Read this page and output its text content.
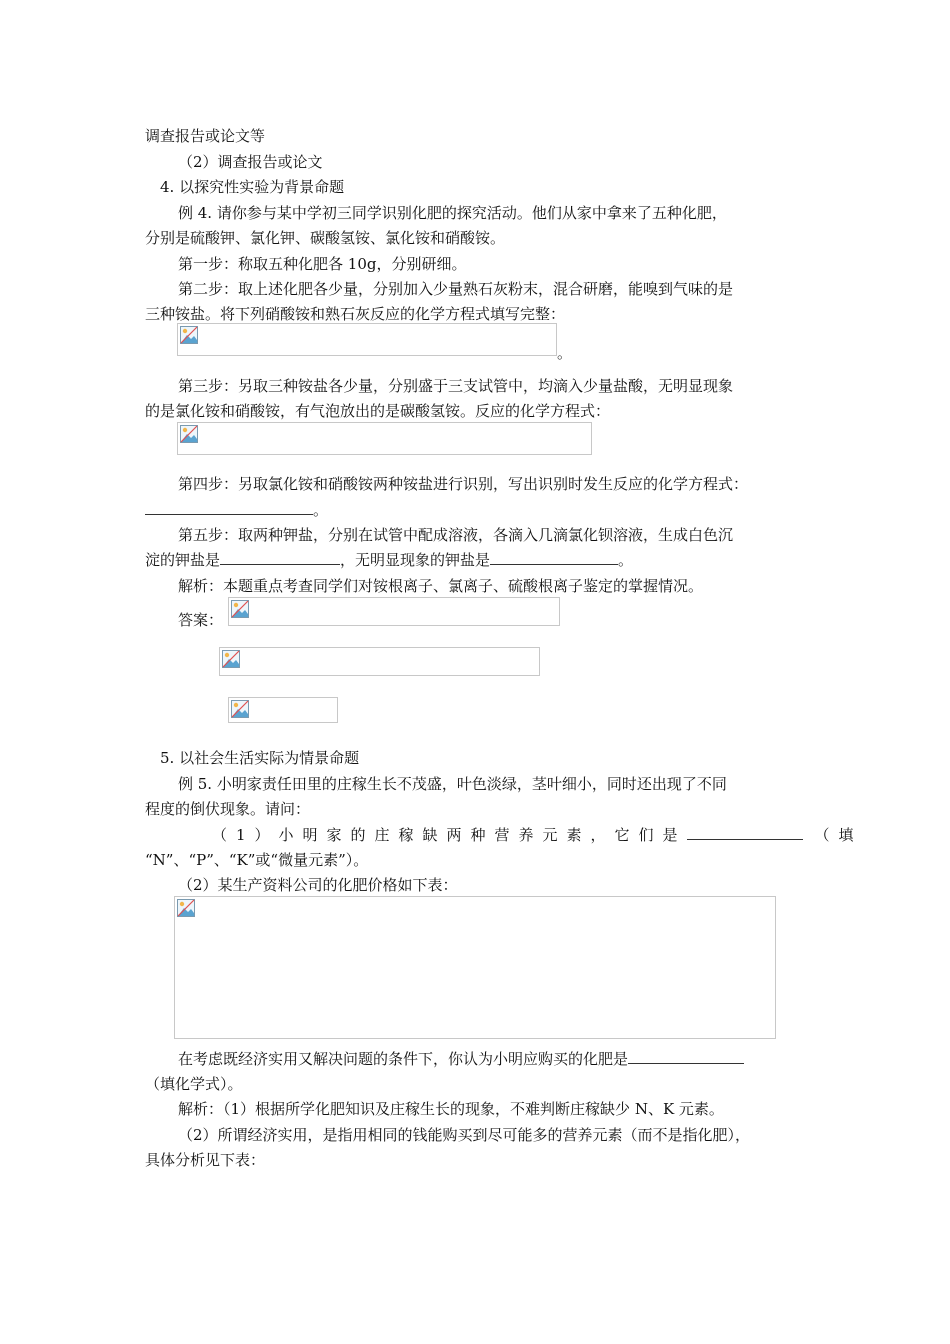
调查报告或论文等
（2）调查报告或论文
4. 以探究性实验为背景命题
例 4. 请你参与某中学初三同学识别化肥的探究活动。他们从家中拿来了五种化肥，
分别是硫酸钾、氯化钾、碳酸氢铵、氯化铵和硝酸铵。
第一步：称取五种化肥各 10g，分别研细。
第二步：取上述化肥各少量，分别加入少量熟石灰粉末，混合研磨，能嗅到气味的是
三种铵盐。将下列硝酸铵和熟石灰反应的化学方程式填写完整：
。
第三步：另取三种铵盐各少量，分别盛于三支试管中，均滴入少量盐酸，无明显现象
的是氯化铵和硝酸铵，有气泡放出的是碳酸氢铵。反应的化学方程式：
第四步：另取氯化铵和硝酸铵两种铵盐进行识别，写出识别时发生反应的化学方程式：
。
第五步：取两种钾盐，分别在试管中配成溶液，各滴入几滴氯化钡溶液，生成白色沉
淀的钾盐是	，无明显现象的钾盐是	。
解析：本题重点考查同学们对铵根离子、氯离子、硫酸根离子鉴定的掌握情况。
答案：
5. 以社会生活实际为情景命题
例 5. 小明家责任田里的庄稼生长不茂盛，叶色淡绿，茎叶细小，同时还出现了不同
程度的倒伏现象。请问：
（1）小明家的庄稼缺两种营养元素，它们是	（填
“N”、“P”、“K”或“微量元素”）。
（2）某生产资料公司的化肥价格如下表：
在考虑既经济实用又解决问题的条件下，你认为小明应购买的化肥是
（填化学式）。
解析：（1）根据所学化肥知识及庄稼生长的现象，不难判断庄稼缺少 N、K 元素。
（2）所谓经济实用，是指用相同的钱能购买到尽可能多的营养元素（而不是指化肥），
具体分析见下表：
